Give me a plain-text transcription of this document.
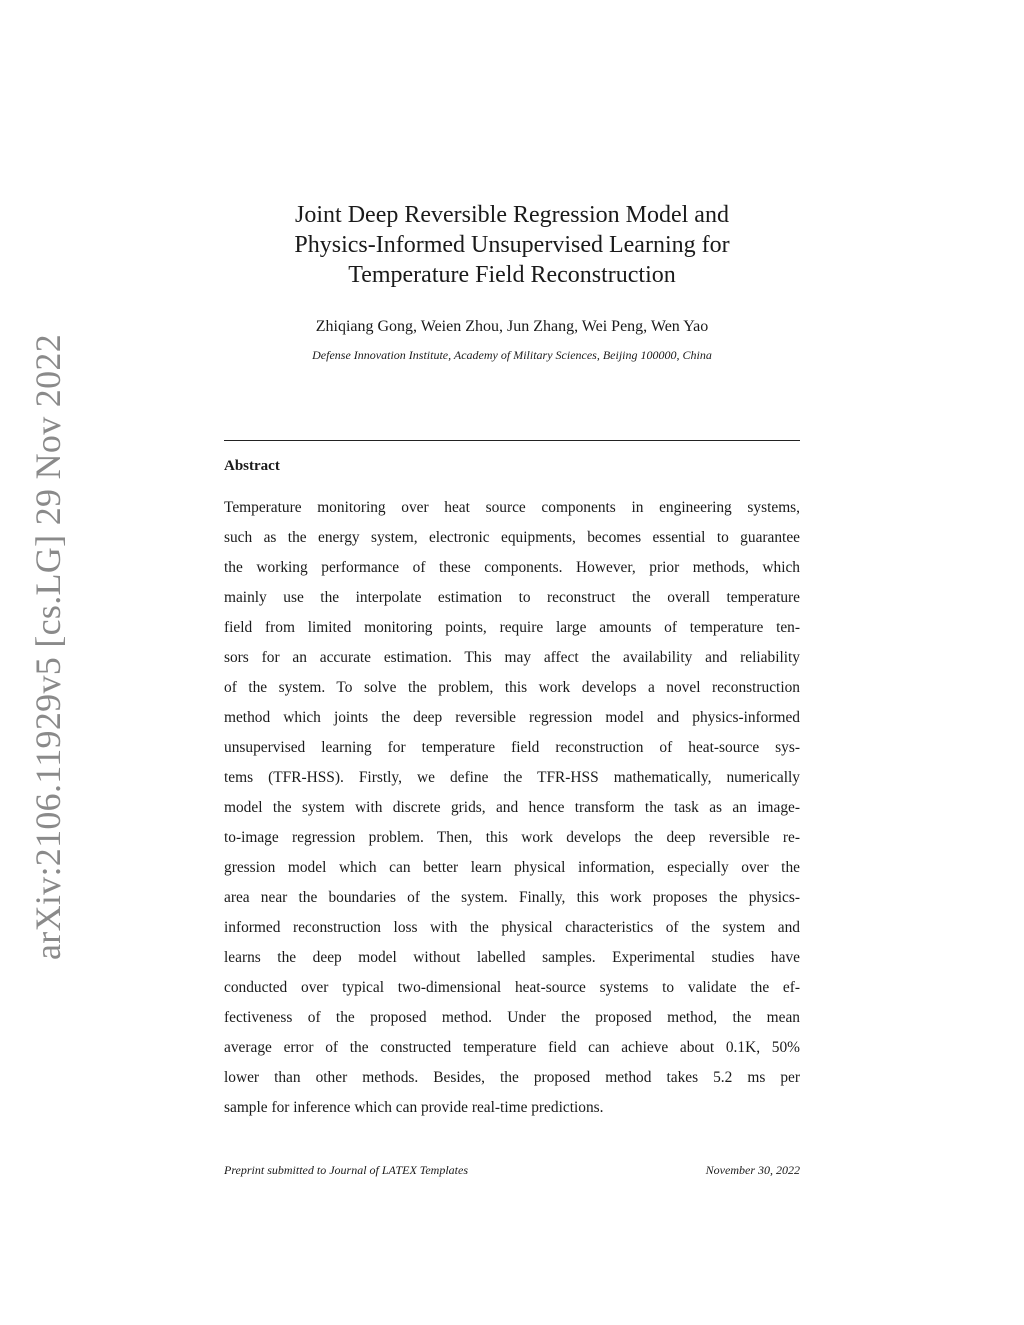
arXiv:2106.11929v5 [cs.LG] 29 Nov 2022
Joint Deep Reversible Regression Model and
Physics-Informed Unsupervised Learning for
Temperature Field Reconstruction
Zhiqiang Gong, Weien Zhou, Jun Zhang, Wei Peng, Wen Yao
Defense Innovation Institute, Academy of Military Sciences, Beijing 100000, China
Abstract
Temperature monitoring over heat source components in engineering systems,
such as the energy system, electronic equipments, becomes essential to guarantee
the working performance of these components. However, prior methods, which
mainly use the interpolate estimation to reconstruct the overall temperature
field from limited monitoring points, require large amounts of temperature ten-
sors for an accurate estimation. This may affect the availability and reliability
of the system. To solve the problem, this work develops a novel reconstruction
method which joints the deep reversible regression model and physics-informed
unsupervised learning for temperature field reconstruction of heat-source sys-
tems (TFR-HSS). Firstly, we define the TFR-HSS mathematically, numerically
model the system with discrete grids, and hence transform the task as an image-
to-image regression problem. Then, this work develops the deep reversible re-
gression model which can better learn physical information, especially over the
area near the boundaries of the system. Finally, this work proposes the physics-
informed reconstruction loss with the physical characteristics of the system and
learns the deep model without labelled samples. Experimental studies have
conducted over typical two-dimensional heat-source systems to validate the ef-
fectiveness of the proposed method. Under the proposed method, the mean
average error of the constructed temperature field can achieve about 0.1K, 50%
lower than other methods. Besides, the proposed method takes 5.2 ms per
sample for inference which can provide real-time predictions.
Preprint submitted to Journal of LATEX Templates	November 30, 2022
